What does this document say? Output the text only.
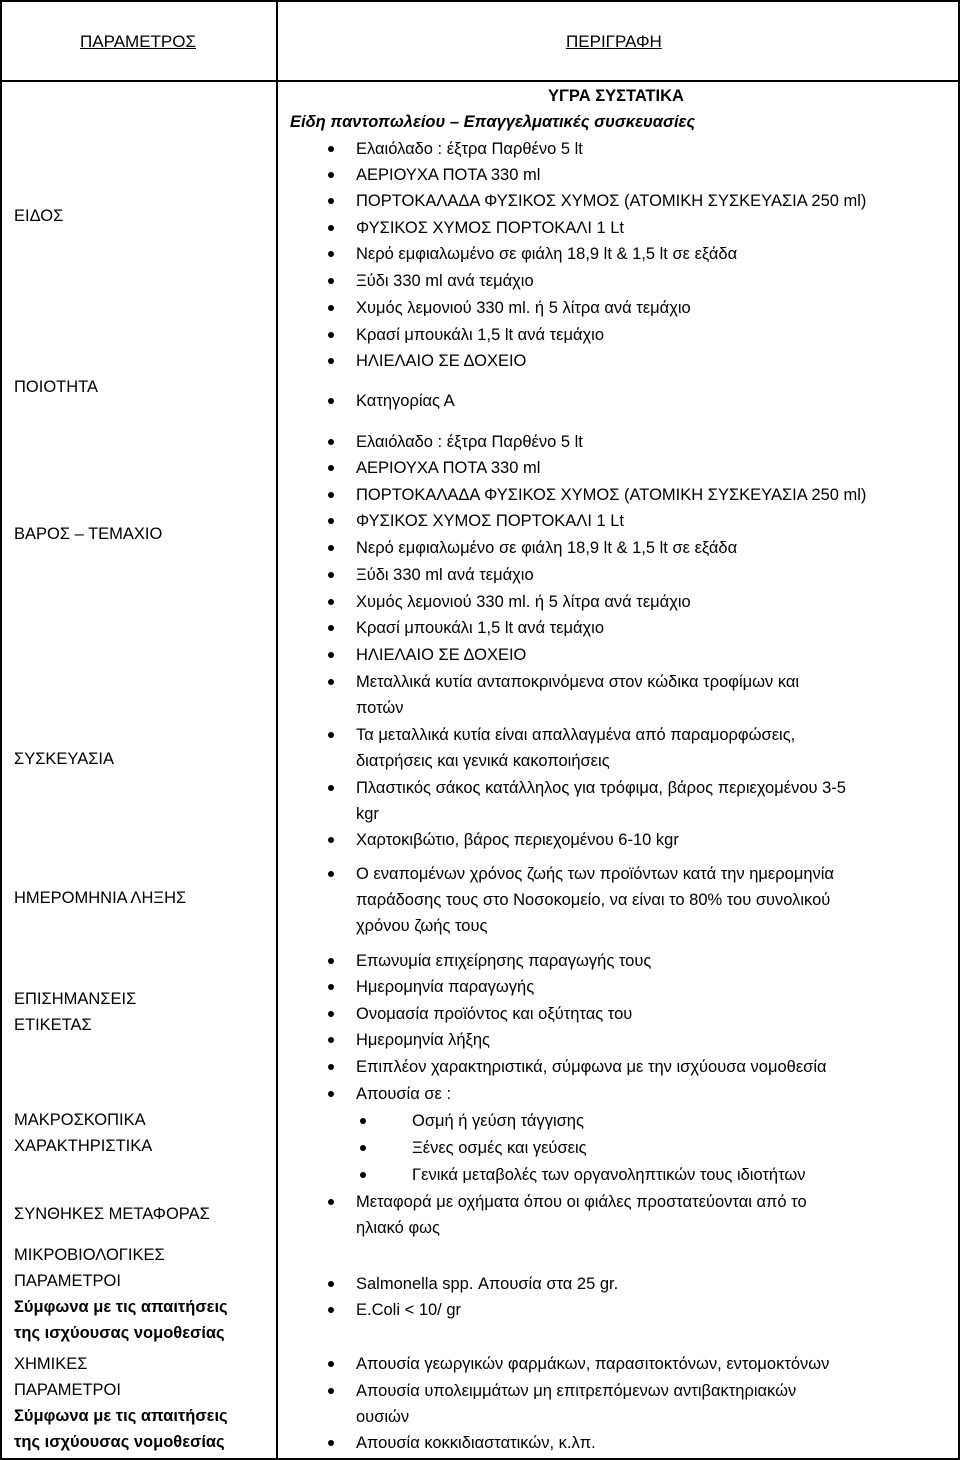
ΠΑΡΑΜΕΤΡΟΣ	ΠΕΡΙΓΡΑΦΗ
ΕΙΔΟΣ
ΠΟΙΟΤΗΤΑ
ΒΑΡΟΣ – ΤΕΜΑΧΙΟ
ΣΥΣΚΕΥΑΣΙΑ
ΗΜΕΡΟΜΗΝΙΑ ΛΗΞΗΣ
ΕΠΙΣΗΜΑΝΣΕΙΣ
ΕΤΙΚΕΤΑΣ
ΜΑΚΡΟΣΚΟΠΙΚΑ
ΧΑΡΑΚΤΗΡΙΣΤΙΚΑ
ΣΥΝΘΗΚΕΣ ΜΕΤΑΦΟΡΑΣ
ΜΙΚΡΟΒΙΟΛΟΓΙΚΕΣ
ΠΑΡΑΜΕΤΡΟΙ
Σύμφωνα με τις απαιτήσεις
της ισχύουσας νομοθεσίας
ΧΗΜΙΚΕΣ
ΠΑΡΑΜΕΤΡΟΙ
Σύμφωνα με τις απαιτήσεις
της ισχύουσας νομοθεσίας
ΥΓΡΑ ΣΥΣΤΑΤΙΚΑ
Είδη παντοπωλείου – Επαγγελματικές συσκευασίες
Ελαιόλαδο : έξτρα Παρθένο 5 lt
ΑΕΡΙΟΥΧΑ ΠΟΤΑ 330 ml
ΠΟΡΤΟΚΑΛΑΔΑ ΦΥΣΙΚΟΣ ΧΥΜΟΣ (ΑΤΟΜΙΚΗ ΣΥΣΚΕΥΑΣΙΑ 250 ml)
ΦΥΣΙΚΟΣ ΧΥΜΟΣ ΠΟΡΤΟΚΑΛΙ 1 Lt
Νερό εμφιαλωμένο σε φιάλη 18,9 lt & 1,5 lt σε εξάδα
Ξύδι 330 ml ανά τεμάχιο
Χυμός λεμονιού 330 ml. ή 5 λίτρα ανά τεμάχιο
Κρασί μπουκάλι 1,5 lt ανά τεμάχιο
ΗΛΙΕΛΑΙΟ ΣΕ ΔΟΧΕΙΟ
Κατηγορίας Α
Ελαιόλαδο : έξτρα Παρθένο 5 lt
ΑΕΡΙΟΥΧΑ ΠΟΤΑ 330 ml
ΠΟΡΤΟΚΑΛΑΔΑ ΦΥΣΙΚΟΣ ΧΥΜΟΣ (ΑΤΟΜΙΚΗ ΣΥΣΚΕΥΑΣΙΑ 250 ml)
ΦΥΣΙΚΟΣ ΧΥΜΟΣ ΠΟΡΤΟΚΑΛΙ 1 Lt
Νερό εμφιαλωμένο σε φιάλη 18,9 lt & 1,5 lt σε εξάδα
Ξύδι 330 ml ανά τεμάχιο
Χυμός λεμονιού 330 ml. ή 5 λίτρα ανά τεμάχιο
Κρασί μπουκάλι 1,5 lt ανά τεμάχιο
ΗΛΙΕΛΑΙΟ ΣΕ ΔΟΧΕΙΟ
Μεταλλικά κυτία ανταποκρινόμενα στον κώδικα τροφίμων και
ποτών
Τα μεταλλικά κυτία είναι απαλλαγμένα από παραμορφώσεις,
διατρήσεις και γενικά κακοποιήσεις
Πλαστικός σάκος κατάλληλος για τρόφιμα, βάρος περιεχομένου 3-5
kgr
Χαρτοκιβώτιο, βάρος περιεχομένου 6-10 kgr
Ο εναπομένων χρόνος ζωής των προϊόντων κατά την ημερομηνία
παράδοσης τους στο Νοσοκομείο, να είναι το 80% του συνολικού
χρόνου ζωής τους
Επωνυμία επιχείρησης παραγωγής τους
Ημερομηνία παραγωγής
Ονομασία προϊόντος και οξύτητας του
Ημερομηνία λήξης
Επιπλέον χαρακτηριστικά, σύμφωνα με την ισχύουσα νομοθεσία
Απουσία σε :
Οσμή ή γεύση τάγγισης
Ξένες οσμές και γεύσεις
Γενικά μεταβολές των οργανοληπτικών τους ιδιοτήτων
Μεταφορά με οχήματα όπου οι φιάλες προστατεύονται από το
ηλιακό φως
Salmonella spp. Απουσία στα 25 gr.
E.Coli < 10/ gr
Απουσία γεωργικών φαρμάκων, παρασιτοκτόνων, εντομοκτόνων
Απουσία υπολειμμάτων μη επιτρεπόμενων αντιβακτηριακών
ουσιών
Απουσία κοκκιδιαστατικών, κ.λπ.
